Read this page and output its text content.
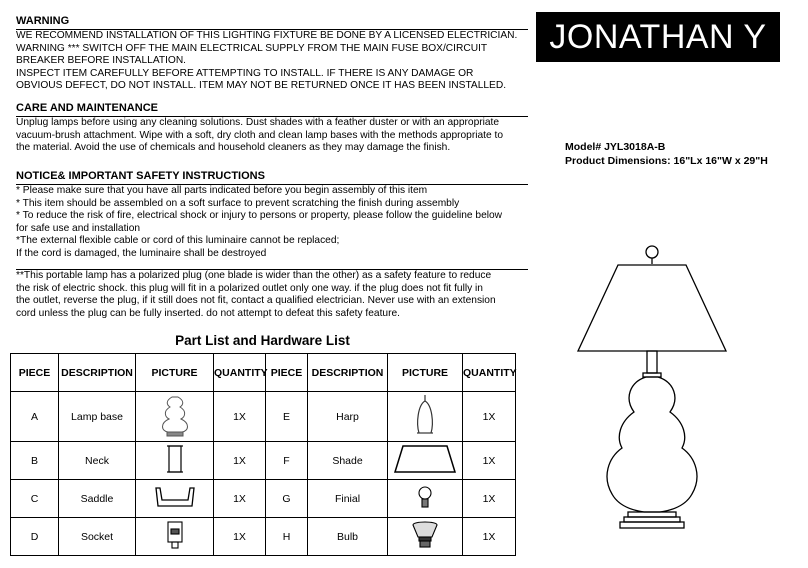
WARNING
WE RECOMMEND INSTALLATION OF THIS LIGHTING FIXTURE BE DONE BY A LICENSED ELECTRICIAN.
WARNING *** SWITCH OFF THE MAIN ELECTRICAL SUPPLY FROM THE MAIN FUSE BOX/CIRCUIT
BREAKER BEFORE INSTALLATION.
INSPECT ITEM CAREFULLY BEFORE ATTEMPTING TO INSTALL. IF THERE IS ANY DAMAGE OR
OBVIOUS DEFECT, DO NOT INSTALL. ITEM MAY NOT BE RETURNED ONCE IT HAS BEEN INSTALLED.
CARE AND MAINTENANCE
Unplug lamps before using any cleaning solutions. Dust shades with a feather duster or with an appropriate
vacuum-brush attachment. Wipe with a soft, dry cloth and clean lamp bases with the methods appropriate to
the material. Avoid the use of chemicals and household cleaners as they may damage the finish.
NOTICE& IMPORTANT SAFETY INSTRUCTIONS
* Please make sure that you have all parts indicated before you begin assembly of this item
* This item should be assembled on a soft surface to prevent scratching the finish during assembly
* To reduce the risk of fire, electrical shock or injury to persons or property, please follow the guideline below
for safe use and installation
*The external flexible cable or cord of this luminaire cannot be replaced;
If the cord is damaged, the luminaire shall be destroyed
**This portable lamp has a polarized plug (one blade is wider than the other) as a safety feature to reduce
the risk of electric shock. this plug will fit in a polarized outlet only one way. if the plug does not fit fully in
the outlet, reverse the plug, if it still does not fit, contact a qualified electrician. Never use with an extension
cord unless the plug can be fully inserted. do not attempt to defeat this safety feature.
JONATHAN Y
Model# JYL3018A-B
Product Dimensions: 16"Lx 16"W x 29"H
Part List and Hardware List
PIECE	DESCRIPTION	PICTURE	QUANTITY	PIECE	DESCRIPTION	PICTURE	QUANTITY
A	Lamp base		1X	E	Harp		1X
B	Neck		1X	F	Shade		1X
C	Saddle		1X	G	Finial		1X
D	Socket		1X	H	Bulb		1X
